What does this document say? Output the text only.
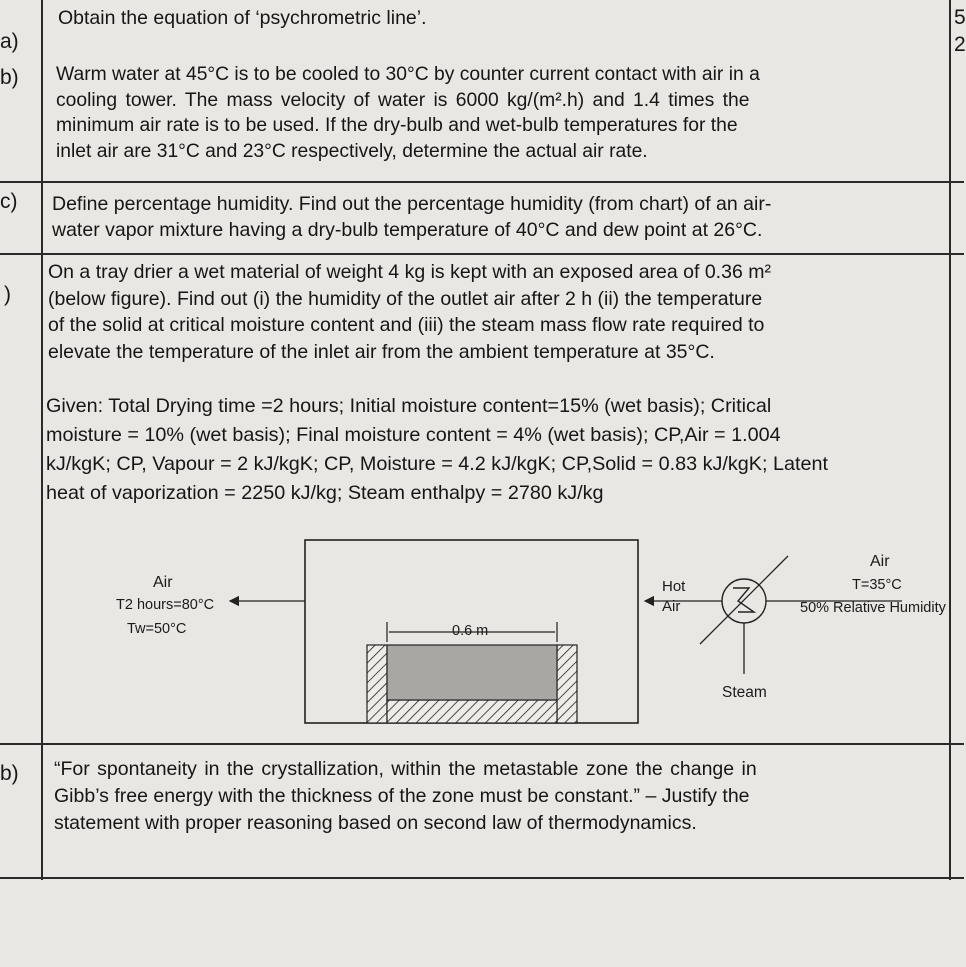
a)
b)
c)
)
b)
5
2

Obtain the equation of ‘psychrometric line’.

Warm water at 45°C is to be cooled to 30°C by counter current contact with air in a

cooling tower. The mass velocity of water is 6000 kg/(m².h) and 1.4 times the

minimum air rate is to be used. If the dry-bulb and wet-bulb temperatures for the

inlet air are 31°C and 23°C respectively, determine the actual air rate.

Define percentage humidity. Find out the percentage humidity (from chart) of an air-

water vapor mixture having a dry-bulb temperature of 40°C and dew point at 26°C.

On a tray drier a wet material of weight 4 kg is kept with an exposed area of 0.36 m²

(below figure). Find out (i) the humidity of the outlet air after 2 h (ii) the temperature

of the solid at critical moisture content and (iii) the steam mass flow rate required to

elevate the temperature of the inlet air from the ambient temperature at 35°C.

Given: Total Drying time =2 hours; Initial moisture content=15% (wet basis); Critical

moisture = 10% (wet basis); Final moisture content = 4% (wet basis); CP,Air = 1.004

kJ/kgK; CP, Vapour = 2 kJ/kgK; CP, Moisture = 4.2 kJ/kgK; CP,Solid = 0.83 kJ/kgK; Latent

heat of vaporization = 2250 kJ/kg; Steam enthalpy = 2780 kJ/kg

0.6 m
Air
T2 hours=80°C
Tw=50°C
Hot
Air
Air
T=35°C
50% Relative Humidity
Steam

“For spontaneity in the crystallization, within the metastable zone the change in

Gibb’s free energy with the thickness of the zone must be constant.” – Justify the

statement with proper reasoning based on second law of thermodynamics.
